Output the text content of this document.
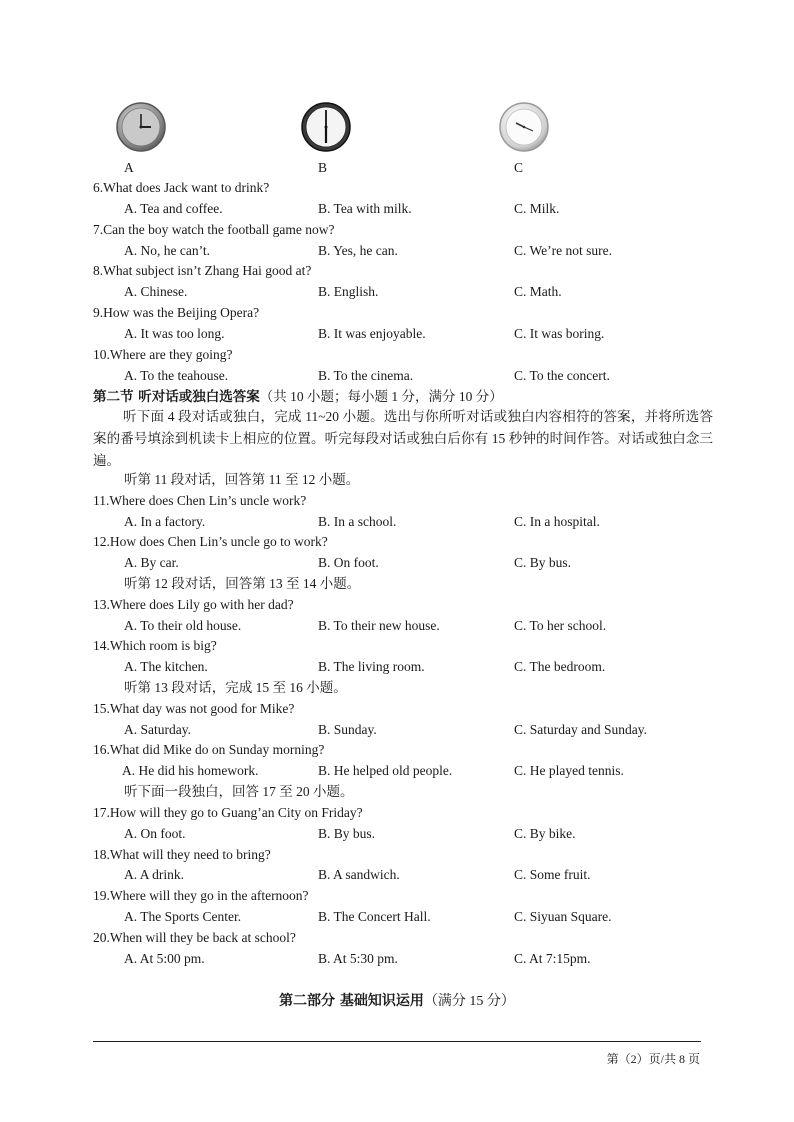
A	B	C
6.What does Jack want to drink?
A. Tea and coffee.	B. Tea with milk.	C. Milk.
7.Can the boy watch the football game now?
A. No, he can’t.	B. Yes, he can.	C. We’re not sure.
8.What subject isn’t Zhang Hai good at?
A. Chinese.	B. English.	C. Math.
9.How was the Beijing Opera?
A. It was too long.	B. It was enjoyable.	C. It was boring.
10.Where are they going?
A. To the teahouse.	B. To the cinema.	C. To the concert.
第二节 听对话或独白选答案（共 10 小题；每小题 1 分，满分 10 分）
听下面 4 段对话或独白，完成 11~20 小题。选出与你所听对话或独白内容相符的答案，并将所选答案的番号填涂到机读卡上相应的位置。听完每段对话或独白后你有 15 秒钟的时间作答。对话或独白念三遍。
听第 11 段对话，回答第 11 至 12 小题。
11.Where does Chen Lin’s uncle work?
A. In a factory.	B. In a school.	C. In a hospital.
12.How does Chen Lin’s uncle go to work?
A. By car.	B. On foot.	C. By bus.
听第 12 段对话，回答第 13 至 14 小题。
13.Where does Lily go with her dad?
A. To their old house.	B. To their new house.	C. To her school.
14.Which room is big?
A. The kitchen.	B. The living room.	C. The bedroom.
听第 13 段对话，完成 15 至 16 小题。
15.What day was not good for Mike?
A. Saturday.	B. Sunday.	C. Saturday and Sunday.
16.What did Mike do on Sunday morning?
A. He did his homework.	B. He helped old people.	C. He played tennis.
听下面一段独白，回答 17 至 20 小题。
17.How will they go to Guang’an City on Friday?
A. On foot.	B. By bus.	C. By bike.
18.What will they need to bring?
A. A drink.	B. A sandwich.	C. Some fruit.
19.Where will they go in the afternoon?
A. The Sports Center.	B. The Concert Hall.	C. Siyuan Square.
20.When will they be back at school?
A. At 5:00 pm.	B. At 5:30 pm.	C. At 7:15pm.
第二部分 基础知识运用（满分 15 分）
第（2）页/共 8 页
